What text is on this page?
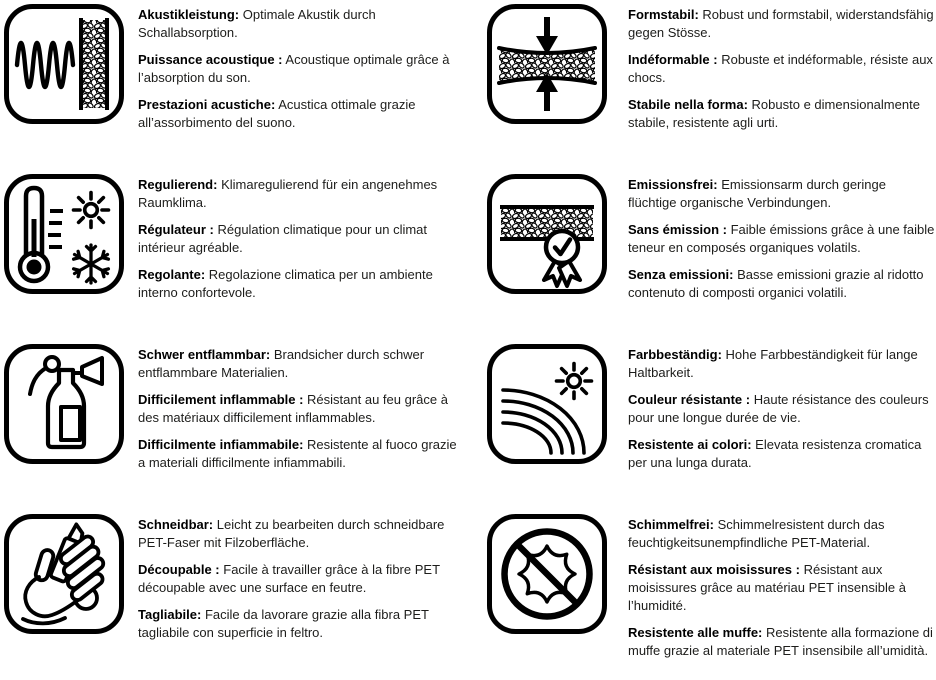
Akustikleistung: Optimale Akustik durch Schallabsorption.

Puissance acoustique : Acoustique optimale grâce à l’absorption du son.

Prestazioni acustiche: Acustica ottimale grazie all’assorbimento del suono.

Formstabil: Robust und formstabil, widerstandsfähig gegen Stösse.

Indéformable : Robuste et indéformable, résiste aux chocs.

Stabile nella forma: Robusto e dimensionalmente stabile, resistente agli urti.

Regulierend: Klimaregulierend für ein angenehmes Raumklima.

Régulateur : Régulation climatique pour un climat intérieur agréable.

Regolante: Regolazione climatica per un ambiente interno confortevole.

Emissionsfrei: Emissionsarm durch geringe flüchtige organische Verbindungen.

Sans émission : Faible émissions grâce à une faible teneur en composés organiques volatils.

Senza emissioni: Basse emissioni grazie al ridotto contenuto di composti organici volatili.

Schwer entflammbar: Brandsicher durch schwer entflammbare Materialien.

Difficilement inflammable : Résistant au feu grâce à des matériaux difficilement inflammables.

Difficilmente infiammabile: Resistente al fuoco grazie a materiali difficilmente infiammabili.

Farbbeständig: Hohe Farbbeständigkeit für lange Haltbarkeit.

Couleur résistante : Haute résistance des couleurs pour une longue durée de vie.

Resistente ai colori: Elevata resistenza cromatica per una lunga durata.

Schneidbar: Leicht zu bearbeiten durch schneidbare PET-Faser mit Filzoberfläche.

Découpable : Facile à travailler grâce à la fibre PET découpable avec une surface en feutre.

Tagliabile: Facile da lavorare grazie alla fibra PET tagliabile con superficie in feltro.

Schimmelfrei: Schimmelresistent durch das feuchtigkeitsunempfindliche PET-Material.

Résistant aux moisissures : Résistant aux moisissures grâce au matériau PET insensible à l’humidité.

Resistente alle muffe: Resistente alla formazione di muffe grazie al materiale PET insensibile all’umidità.
